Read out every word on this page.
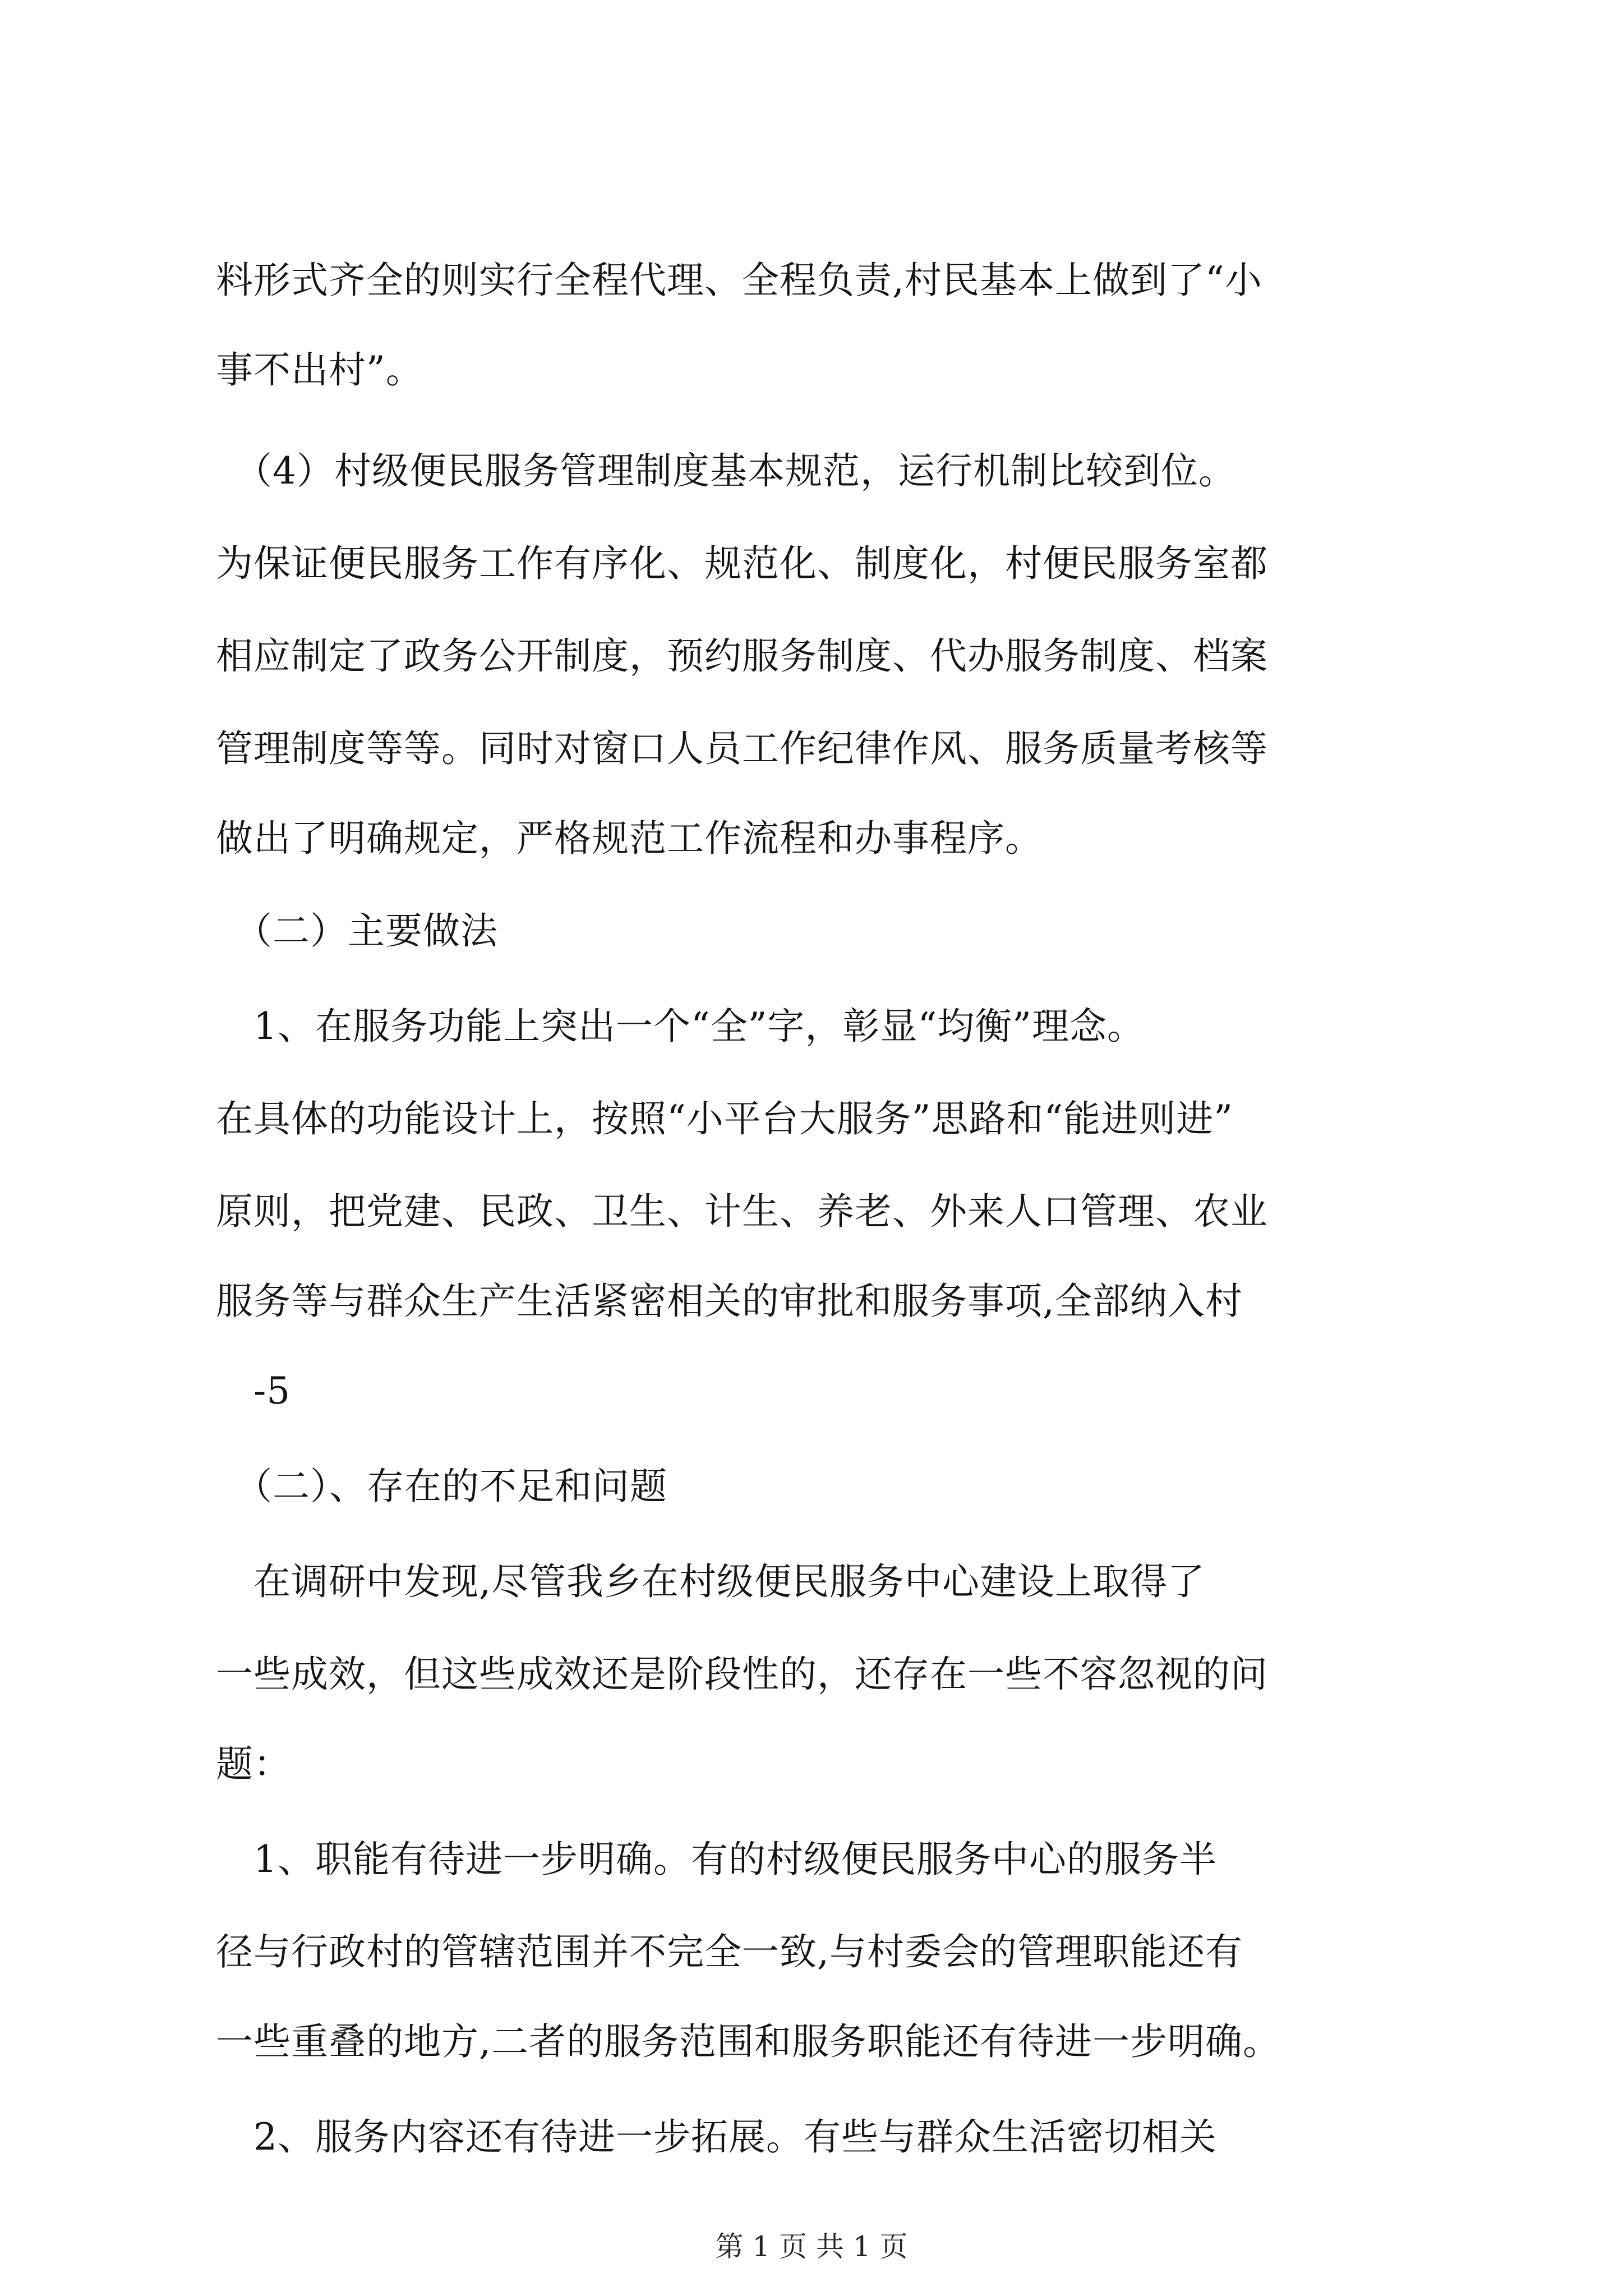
料形式齐全的则实行全程代理、全程负责,村民基本上做到了“小
事不出村”。
　（4）村级便民服务管理制度基本规范，运行机制比较到位。
为保证便民服务工作有序化、规范化、制度化，村便民服务室都
相应制定了政务公开制度，预约服务制度、代办服务制度、档案
管理制度等等。同时对窗口人员工作纪律作风、服务质量考核等
做出了明确规定，严格规范工作流程和办事程序。
　（二）主要做法
　1、在服务功能上突出一个“全”字，彰显“均衡”理念。
在具体的功能设计上，按照“小平台大服务”思路和“能进则进”
原则，把党建、民政、卫生、计生、养老、外来人口管理、农业
服务等与群众生产生活紧密相关的审批和服务事项,全部纳入村
　-5
　（二）、存在的不足和问题
　在调研中发现,尽管我乡在村级便民服务中心建设上取得了
一些成效，但这些成效还是阶段性的，还存在一些不容忽视的问
题：
　1、职能有待进一步明确。有的村级便民服务中心的服务半
径与行政村的管辖范围并不完全一致,与村委会的管理职能还有
一些重叠的地方,二者的服务范围和服务职能还有待进一步明确。
　2、服务内容还有待进一步拓展。有些与群众生活密切相关
第 1 页 共 1 页
